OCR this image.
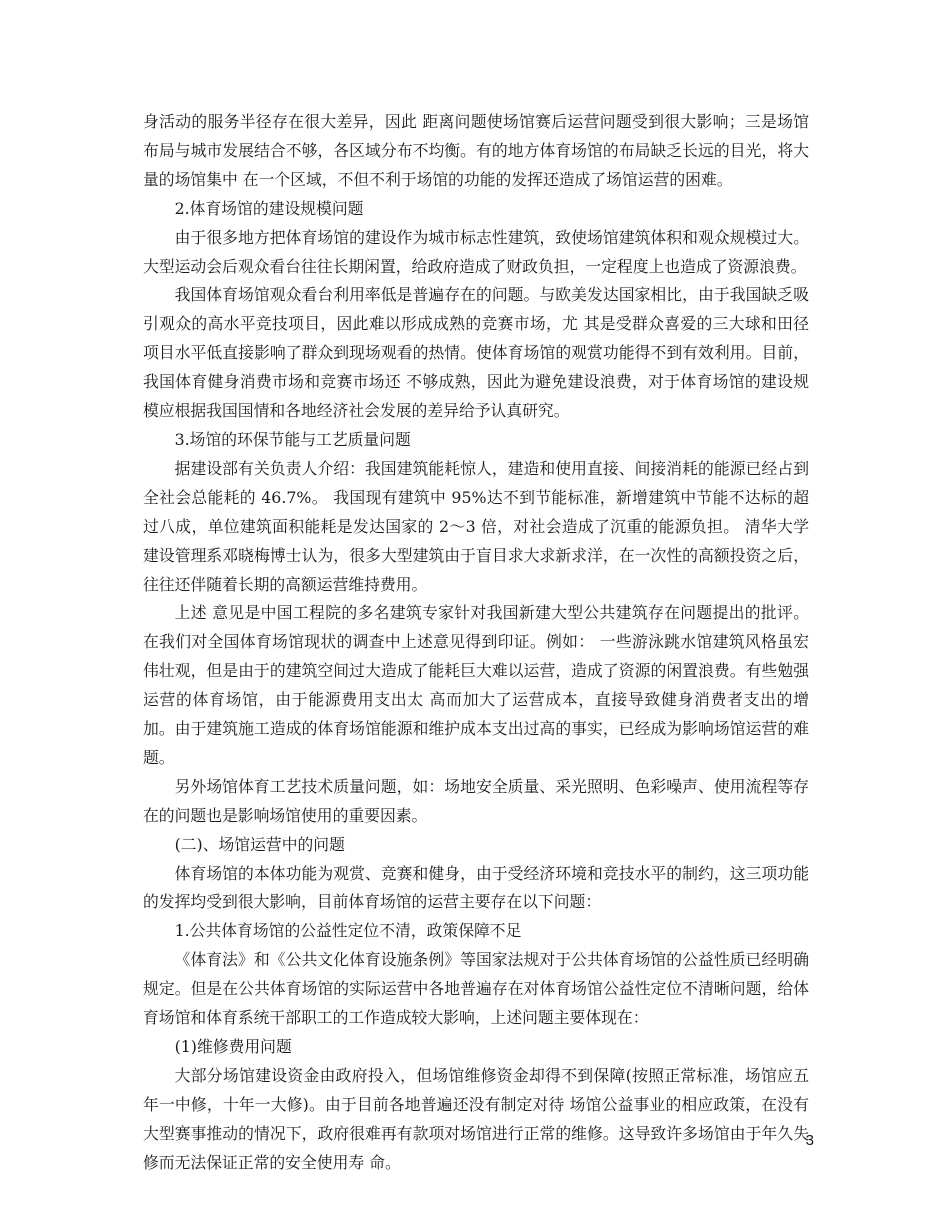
身活动的服务半径存在很大差异，因此 距离问题使场馆赛后运营问题受到很大影响；三是场馆布局与城市发展结合不够，各区域分布不均衡。有的地方体育场馆的布局缺乏长远的目光，将大量的场馆集中 在一个区域，不但不利于场馆的功能的发挥还造成了场馆运营的困难。

2.体育场馆的建设规模问题

由于很多地方把体育场馆的建设作为城市标志性建筑，致使场馆建筑体积和观众规模过大。大型运动会后观众看台往往长期闲置，给政府造成了财政负担，一定程度上也造成了资源浪费。

我国体育场馆观众看台利用率低是普遍存在的问题。与欧美发达国家相比，由于我国缺乏吸引观众的高水平竞技项目，因此难以形成成熟的竞赛市场，尤 其是受群众喜爱的三大球和田径项目水平低直接影响了群众到现场观看的热情。使体育场馆的观赏功能得不到有效利用。目前，我国体育健身消费市场和竞赛市场还 不够成熟，因此为避免建设浪费，对于体育场馆的建设规模应根据我国国情和各地经济社会发展的差异给予认真研究。

3.场馆的环保节能与工艺质量问题

据建设部有关负责人介绍：我国建筑能耗惊人，建造和使用直接、间接消耗的能源已经占到全社会总能耗的 46.7%。 我国现有建筑中 95%达不到节能标准，新增建筑中节能不达标的超过八成，单位建筑面积能耗是发达国家的 2～3 倍，对社会造成了沉重的能源负担。 清华大学建设管理系邓晓梅博士认为，很多大型建筑由于盲目求大求新求洋，在一次性的高额投资之后，往往还伴随着长期的高额运营维持费用。

上述 意见是中国工程院的多名建筑专家针对我国新建大型公共建筑存在问题提出的批评。在我们对全国体育场馆现状的调查中上述意见得到印证。例如： 一些游泳跳水馆建筑风格虽宏伟壮观，但是由于的建筑空间过大造成了能耗巨大难以运营，造成了资源的闲置浪费。有些勉强运营的体育场馆，由于能源费用支出太 高而加大了运营成本，直接导致健身消费者支出的增加。由于建筑施工造成的体育场馆能源和维护成本支出过高的事实，已经成为影响场馆运营的难题。

另外场馆体育工艺技术质量问题，如：场地安全质量、采光照明、色彩噪声、使用流程等存在的问题也是影响场馆使用的重要因素。

(二)、场馆运营中的问题

体育场馆的本体功能为观赏、竞赛和健身，由于受经济环境和竞技水平的制约，这三项功能的发挥均受到很大影响，目前体育场馆的运营主要存在以下问题：

1.公共体育场馆的公益性定位不清，政策保障不足

《体育法》和《公共文化体育设施条例》等国家法规对于公共体育场馆的公益性质已经明确规定。但是在公共体育场馆的实际运营中各地普遍存在对体育场馆公益性定位不清晰问题，给体育场馆和体育系统干部职工的工作造成较大影响，上述问题主要体现在：

(1)维修费用问题

大部分场馆建设资金由政府投入，但场馆维修资金却得不到保障(按照正常标准，场馆应五年一中修，十年一大修)。由于目前各地普遍还没有制定对待 场馆公益事业的相应政策，在没有大型赛事推动的情况下，政府很难再有款项对场馆进行正常的维修。这导致许多场馆由于年久失修而无法保证正常的安全使用寿 命。

3
